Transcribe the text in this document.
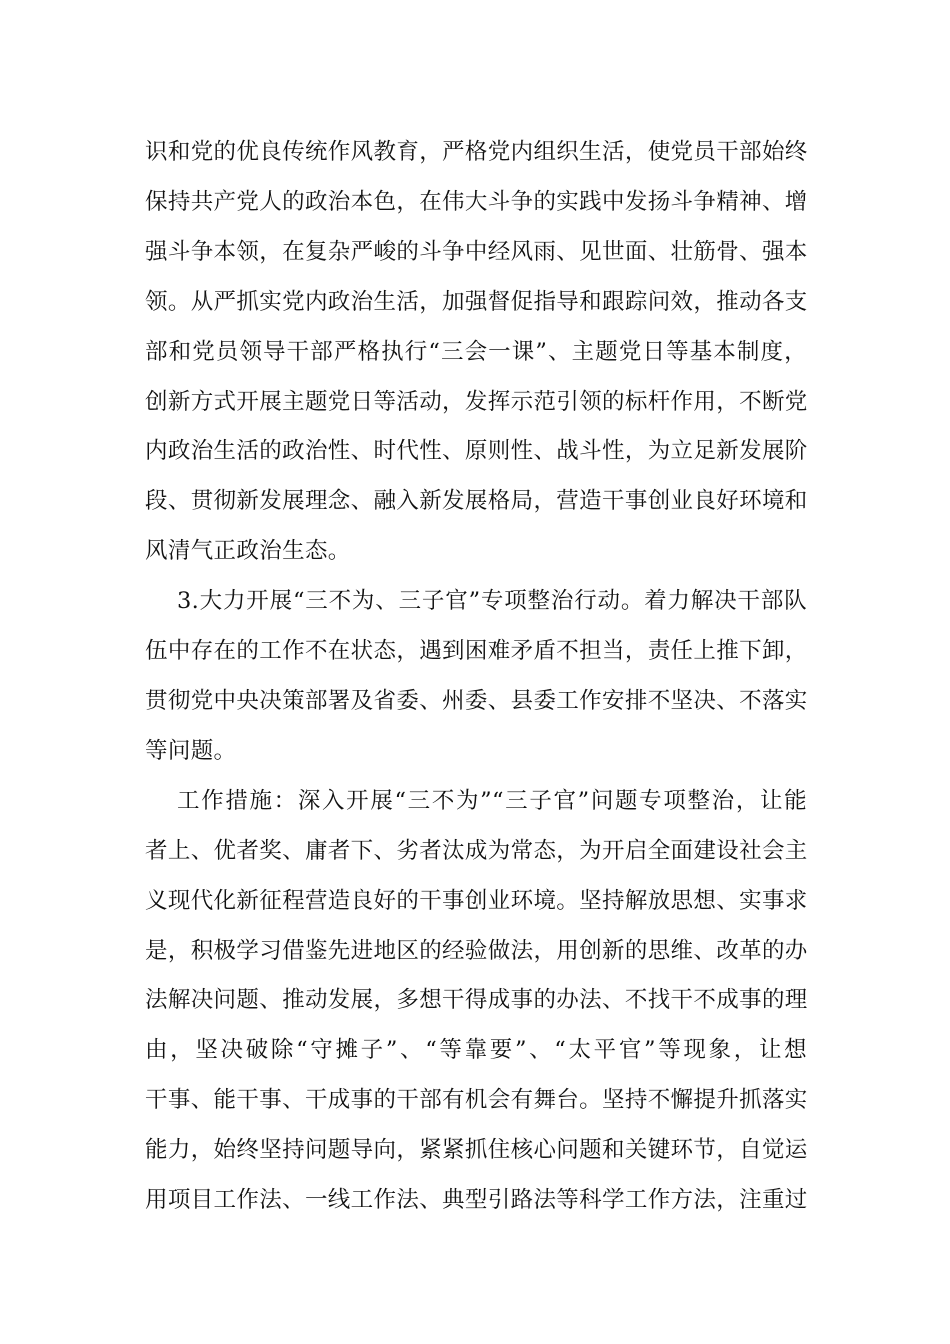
识和党的优良传统作风教育，严格党内组织生活，使党员干部始终
保持共产党人的政治本色，在伟大斗争的实践中发扬斗争精神、增
强斗争本领，在复杂严峻的斗争中经风雨、见世面、壮筋骨、强本
领。从严抓实党内政治生活，加强督促指导和跟踪问效，推动各支
部和党员领导干部严格执行“三会一课”、主题党日等基本制度，
创新方式开展主题党日等活动，发挥示范引领的标杆作用，不断党
内政治生活的政治性、时代性、原则性、战斗性，为立足新发展阶
段、贯彻新发展理念、融入新发展格局，营造干事创业良好环境和
风清气正政治生态。
3.大力开展“三不为、三子官”专项整治行动。着力解决干部队
伍中存在的工作不在状态，遇到困难矛盾不担当，责任上推下卸，
贯彻党中央决策部署及省委、州委、县委工作安排不坚决、不落实
等问题。
工作措施：深入开展“三不为”“三子官”问题专项整治，让能
者上、优者奖、庸者下、劣者汰成为常态，为开启全面建设社会主
义现代化新征程营造良好的干事创业环境。坚持解放思想、实事求
是，积极学习借鉴先进地区的经验做法，用创新的思维、改革的办
法解决问题、推动发展，多想干得成事的办法、不找干不成事的理
由，坚决破除“守摊子”、“等靠要”、“太平官”等现象，让想
干事、能干事、干成事的干部有机会有舞台。坚持不懈提升抓落实
能力，始终坚持问题导向，紧紧抓住核心问题和关键环节，自觉运
用项目工作法、一线工作法、典型引路法等科学工作方法，注重过
